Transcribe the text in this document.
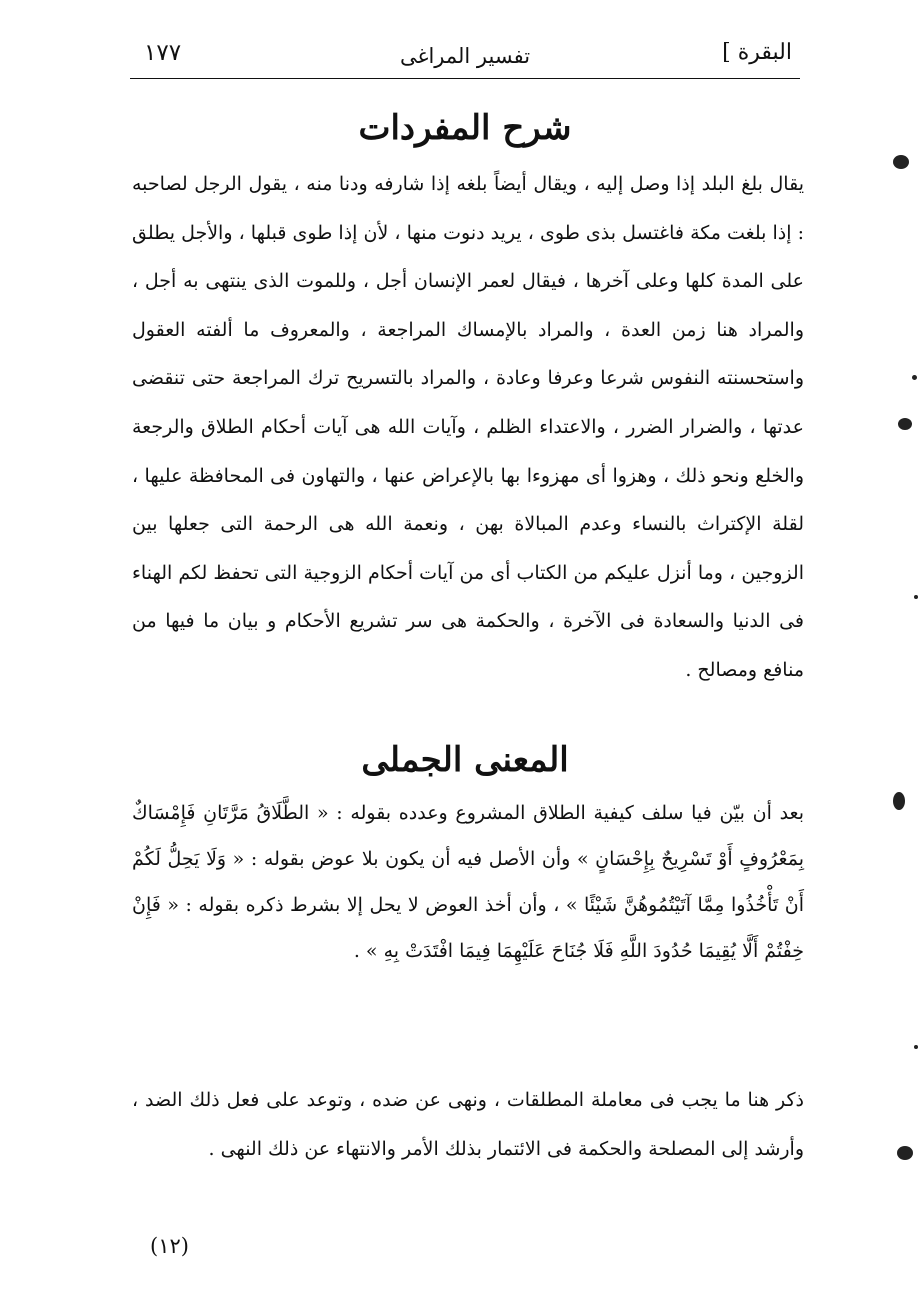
البقرة ]
تفسير المراغى
١٧٧
شرح المفردات

يقال بلغ البلد إذا وصل إليه ، ويقال أيضاً بلغه إذا شارفه ودنا منه ، يقول الرجل لصاحبه : إذا بلغت مكة فاغتسل بذى طوى ، يريد دنوت منها ، لأن إذا طوى قبلها ، والأجل يطلق على المدة كلها وعلى آخرها ، فيقال لعمر الإنسان أجل ، وللموت الذى ينتهى به أجل ، والمراد هنا زمن العدة ، والمراد بالإمساك المراجعة ، والمعروف ما ألفته العقول واستحسنته النفوس شرعا وعرفا وعادة ، والمراد بالتسريح ترك المراجعة حتى تنقضى عدتها ، والضرار الضرر ، والاعتداء الظلم ، وآيات الله هى آيات أحكام الطلاق والرجعة والخلع ونحو ذلك ، وهزوا أى مهزوءا بها بالإعراض عنها ، والتهاون فى المحافظة عليها ، لقلة الإكتراث بالنساء وعدم المبالاة بهن ، ونعمة الله هى الرحمة التى جعلها بين الزوجين ، وما أنزل عليكم من الكتاب أى من آيات أحكام الزوجية التى تحفظ لكم الهناء فى الدنيا والسعادة فى الآخرة ، والحكمة هى سر تشريع الأحكام و بيان ما فيها من منافع ومصالح .

المعنى الجملى

بعد أن بيّن فيا سلف كيفية الطلاق المشروع وعدده بقوله : « الطَّلَاقُ مَرَّتَانِ فَإِمْسَاكٌ بِمَعْرُوفٍ أَوْ تَسْرِيحٌ بِإِحْسَانٍ » وأن الأصل فيه أن يكون بلا عوض بقوله : « وَلَا يَحِلُّ لَكُمْ أَنْ تَأْخُذُوا مِمَّا آتَيْتُمُوهُنَّ شَيْئًا » ، وأن أخذ العوض لا يحل إلا بشرط ذكره بقوله : « فَإِنْ خِفْتُمْ أَلَّا يُقِيمَا حُدُودَ اللَّهِ فَلَا جُنَاحَ عَلَيْهِمَا فِيمَا افْتَدَتْ بِهِ » .

ذكر هنا ما يجب فى معاملة المطلقات ، ونهى عن ضده ، وتوعد على فعل ذلك الضد ، وأرشد إلى المصلحة والحكمة فى الائتمار بذلك الأمر والانتهاء عن ذلك النهى .

(١٢)
